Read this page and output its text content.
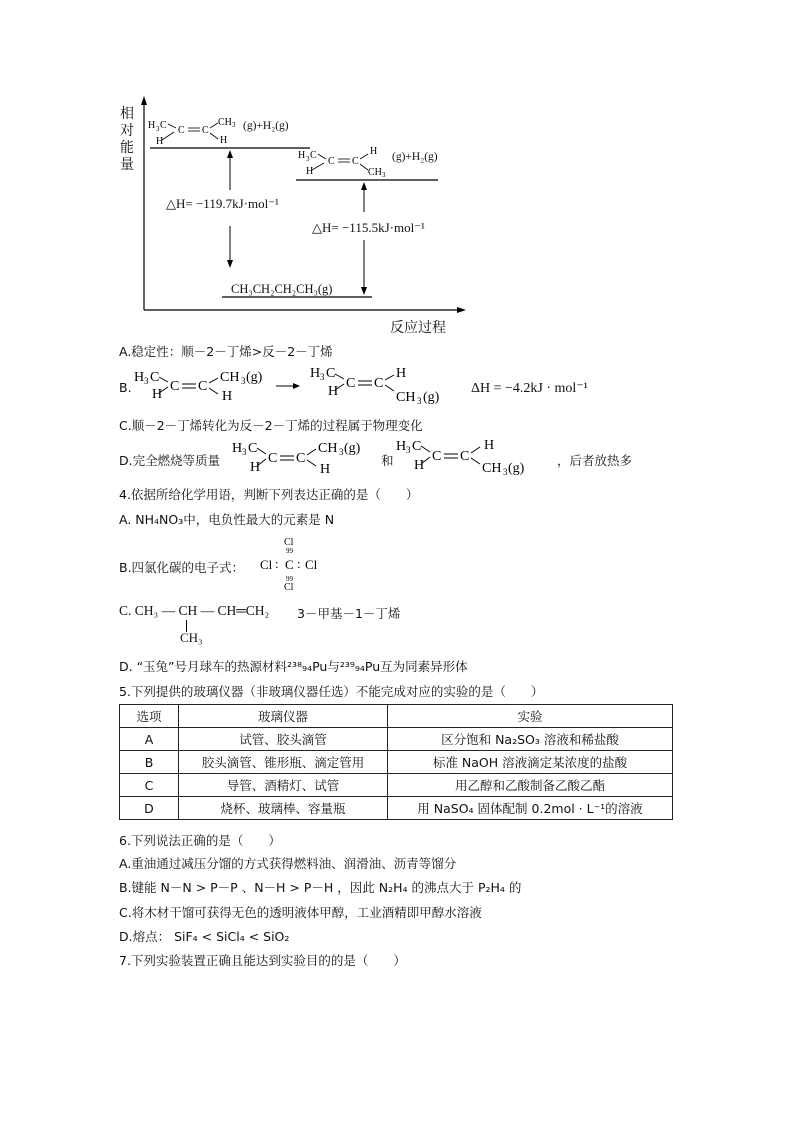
H 3 C
H
C C
CH 3
H
H 3 C
H
C C
H
CH 3
相
对
能
量
反应过程
(g)+H₂(g)
(g)+H₂(g)
△H= −119.7kJ·mol⁻¹
△H= −115.5kJ·mol⁻¹
CH₃CH₂CH₂CH₃(g)
A.稳定性：顺－2－丁烯>反－2－丁烯
B.
H 3 C
H
C C
CH 3 (g)
H
H 3 C
H
C C
H
CH 3 (g)
ΔH = −4.2kJ · mol⁻¹
C.顺－2－丁烯转化为反－2－丁烯的过程属于物理变化
D.完全燃烧等质量
H 3 C
H
C C
CH 3 (g)
H
和
H 3 C
H
C C
H
CH 3 (g)
，后者放热多
4.依据所给化学用语，判断下列表达正确的是（　　）
A. NH₄NO₃中，电负性最大的元素是 N
B.四氯化碳的电子式：
Cl
99
Cl : C : Cl
99
Cl
C. CH₃ — CH — CH═CH₂ 3－甲基－1－丁烯
CH₃
D. “玉兔”号月球车的热源材料²³⁸₉₄Pu与²³⁹₉₄Pu互为同素异形体
5.下列提供的玻璃仪器（非玻璃仪器任选）不能完成对应的实验的是（　　）
选项	玻璃仪器	实验
A	试管、胶头滴管	区分饱和 Na₂SO₃ 溶液和稀盐酸
B	胶头滴管、锥形瓶、滴定管用	标准 NaOH 溶液滴定某浓度的盐酸
C	导管、酒精灯、试管	用乙醇和乙酸制备乙酸乙酯
D	烧杯、玻璃棒、容量瓶	用 NaSO₄ 固体配制 0.2mol · L⁻¹的溶液
6.下列说法正确的是（　　）
A.重油通过减压分馏的方式获得燃料油、润滑油、沥青等馏分
B.键能 N－N > P－P 、N－H > P－H ，因此 N₂H₄ 的沸点大于 P₂H₄ 的
C.将木材干馏可获得无色的透明液体甲醇，工业酒精即甲醇水溶液
D.熔点： SiF₄ < SiCl₄ < SiO₂
7.下列实验装置正确且能达到实验目的的是（　　）
